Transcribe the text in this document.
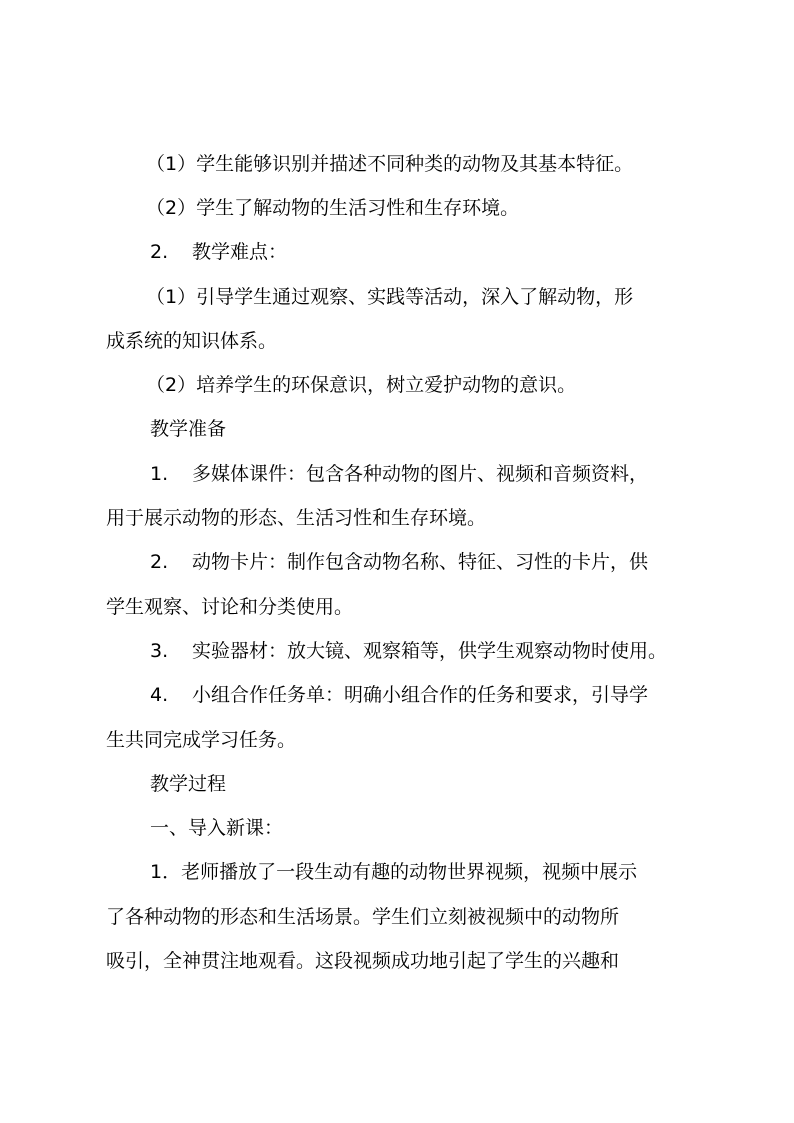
（1）学生能够识别并描述不同种类的动物及其基本特征。
（2）学生了解动物的生活习性和生存环境。
2. 教学难点：
（1）引导学生通过观察、实践等活动，深入了解动物，形
成系统的知识体系。
（2）培养学生的环保意识，树立爱护动物的意识。
教学准备
1. 多媒体课件：包含各种动物的图片、视频和音频资料，
用于展示动物的形态、生活习性和生存环境。
2. 动物卡片：制作包含动物名称、特征、习性的卡片，供
学生观察、讨论和分类使用。
3. 实验器材：放大镜、观察箱等，供学生观察动物时使用。
4. 小组合作任务单：明确小组合作的任务和要求，引导学
生共同完成学习任务。
教学过程
一、导入新课：
1．老师播放了一段生动有趣的动物世界视频，视频中展示
了各种动物的形态和生活场景。学生们立刻被视频中的动物所
吸引，全神贯注地观看。这段视频成功地引起了学生的兴趣和
